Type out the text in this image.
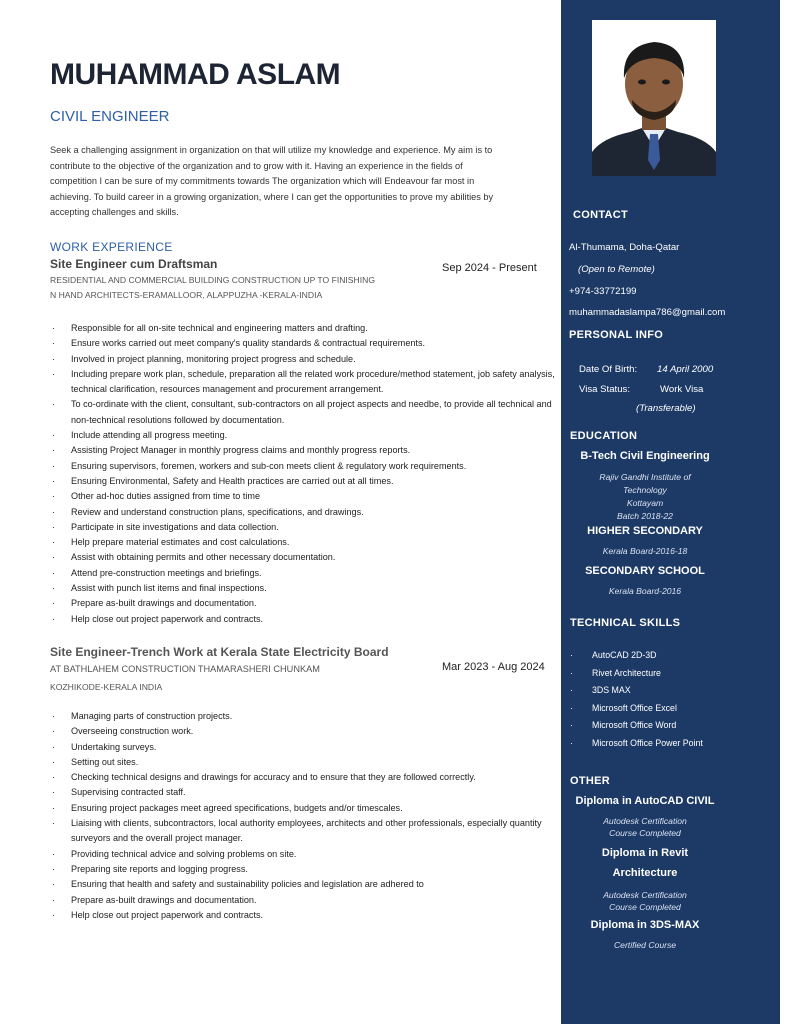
CONTACT
Al-Thumama, Doha-Qatar
(Open to Remote)
+974-33772199
muhammadaslampa786@gmail.com
PERSONAL INFO
Date Of Birth: 14 April 2000
Visa Status:	Work Visa
(Transferable)
EDUCATION
B-Tech Civil Engineering
Rajiv Gandhi Institute of
Technology
Kottayam
Batch 2018-22
HIGHER SECONDARY
Kerala Board-2016-18
SECONDARY SCHOOL
Kerala Board-2016
TECHNICAL SKILLS
· AutoCAD 2D-3D
· Rivet Architecture
· 3DS MAX
· Microsoft Office Excel
· Microsoft Office Word
· Microsoft Office Power Point
OTHER
Diploma in AutoCAD CIVIL
Autodesk Certification
Course Completed
Diploma in Revit
Architecture
Autodesk Certification
Course Completed
Diploma in 3DS-MAX
Certified Course
MUHAMMAD ASLAM
CIVIL ENGINEER
Seek a challenging assignment in organization on that will utilize my knowledge and experience. My aim is to contribute to the objective of the organization and to grow with it. Having an experience in the fields of competition I can be sure of my commitments towards The organization which will Endeavour far most in achieving. To build career in a growing organization, where I can get the opportunities to prove my abilities by accepting challenges and skills.
WORK EXPERIENCE
Site Engineer cum Draftsman
RESIDENTIAL AND COMMERCIAL BUILDING CONSTRUCTION UP TO FINISHING
N HAND ARCHITECTS-ERAMALLOOR, ALAPPUZHA -KERALA-INDIA
Sep 2024 - Present
· Responsible for all on-site technical and engineering matters and drafting.
· Ensure works carried out meet company's quality standards & contractual requirements.
· Involved in project planning, monitoring project progress and schedule.
· Including prepare work plan, schedule, preparation all the related work procedure/method statement, job safety analysis, technical clarification, resources management and procurement arrangement.
· To co-ordinate with the client, consultant, sub-contractors on all project aspects and needbe, to provide all technical and non-technical resolutions followed by documentation.
· Include attending all progress meeting.
· Assisting Project Manager in monthly progress claims and monthly progress reports.
· Ensuring supervisors, foremen, workers and sub-con meets client & regulatory work requirements.
· Ensuring Environmental, Safety and Health practices are carried out at all times.
· Other ad-hoc duties assigned from time to time
· Review and understand construction plans, specifications, and drawings.
· Participate in site investigations and data collection.
· Help prepare material estimates and cost calculations.
· Assist with obtaining permits and other necessary documentation.
· Attend pre-construction meetings and briefings.
· Assist with punch list items and final inspections.
· Prepare as-built drawings and documentation.
· Help close out project paperwork and contracts.
Site Engineer-Trench Work at Kerala State Electricity Board
AT BATHLAHEM CONSTRUCTION THAMARASHERI CHUNKAM
KOZHIKODE-KERALA INDIA
Mar 2023 - Aug 2024
· Managing parts of construction projects.
· Overseeing construction work.
· Undertaking surveys.
· Setting out sites.
· Checking technical designs and drawings for accuracy and to ensure that they are followed correctly.
· Supervising contracted staff.
· Ensuring project packages meet agreed specifications, budgets and/or timescales.
· Liaising with clients, subcontractors, local authority employees, architects and other professionals, especially quantity surveyors and the overall project manager.
· Providing technical advice and solving problems on site.
· Preparing site reports and logging progress.
· Ensuring that health and safety and sustainability policies and legislation are adhered to
· Prepare as-built drawings and documentation.
· Help close out project paperwork and contracts.
